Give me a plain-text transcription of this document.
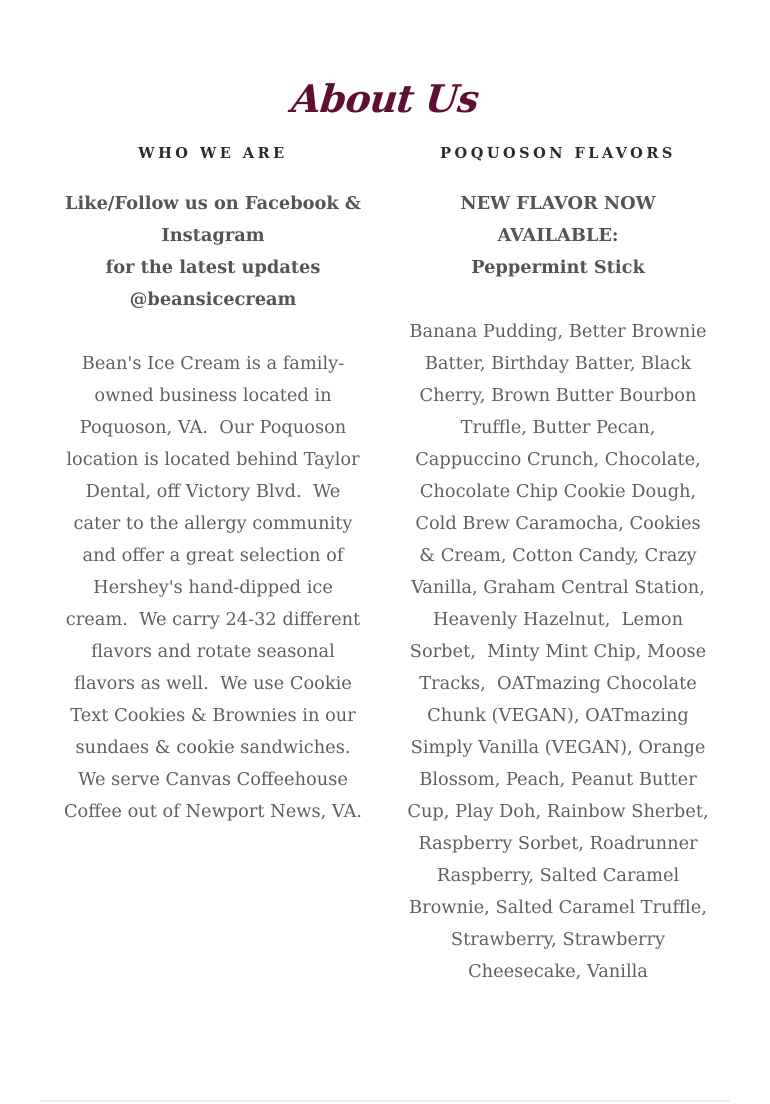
About Us
WHO WE ARE
Like/Follow us on Facebook & Instagram
for the latest updates
@beansicecream
Bean's Ice Cream is a family-owned business located in Poquoson, VA.  Our Poquoson location is located behind Taylor Dental, off Victory Blvd.  We cater to the allergy community and offer a great selection of Hershey's hand-dipped ice cream.  We carry 24-32 different flavors and rotate seasonal flavors as well.  We use Cookie Text Cookies & Brownies in our sundaes & cookie sandwiches.  We serve Canvas Coffeehouse Coffee out of Newport News, VA.
POQUOSON FLAVORS
NEW FLAVOR NOW AVAILABLE:
Peppermint Stick
Banana Pudding, Better Brownie Batter, Birthday Batter, Black Cherry, Brown Butter Bourbon Truffle, Butter Pecan, Cappuccino Crunch, Chocolate, Chocolate Chip Cookie Dough, Cold Brew Caramocha, Cookies & Cream, Cotton Candy, Crazy Vanilla, Graham Central Station, Heavenly Hazelnut,  Lemon Sorbet,  Minty Mint Chip, Moose Tracks,  OATmazing Chocolate Chunk (VEGAN), OATmazing Simply Vanilla (VEGAN), Orange Blossom, Peach, Peanut Butter Cup, Play Doh, Rainbow Sherbet, Raspberry Sorbet, Roadrunner Raspberry, Salted Caramel Brownie, Salted Caramel Truffle, Strawberry, Strawberry Cheesecake, Vanilla
